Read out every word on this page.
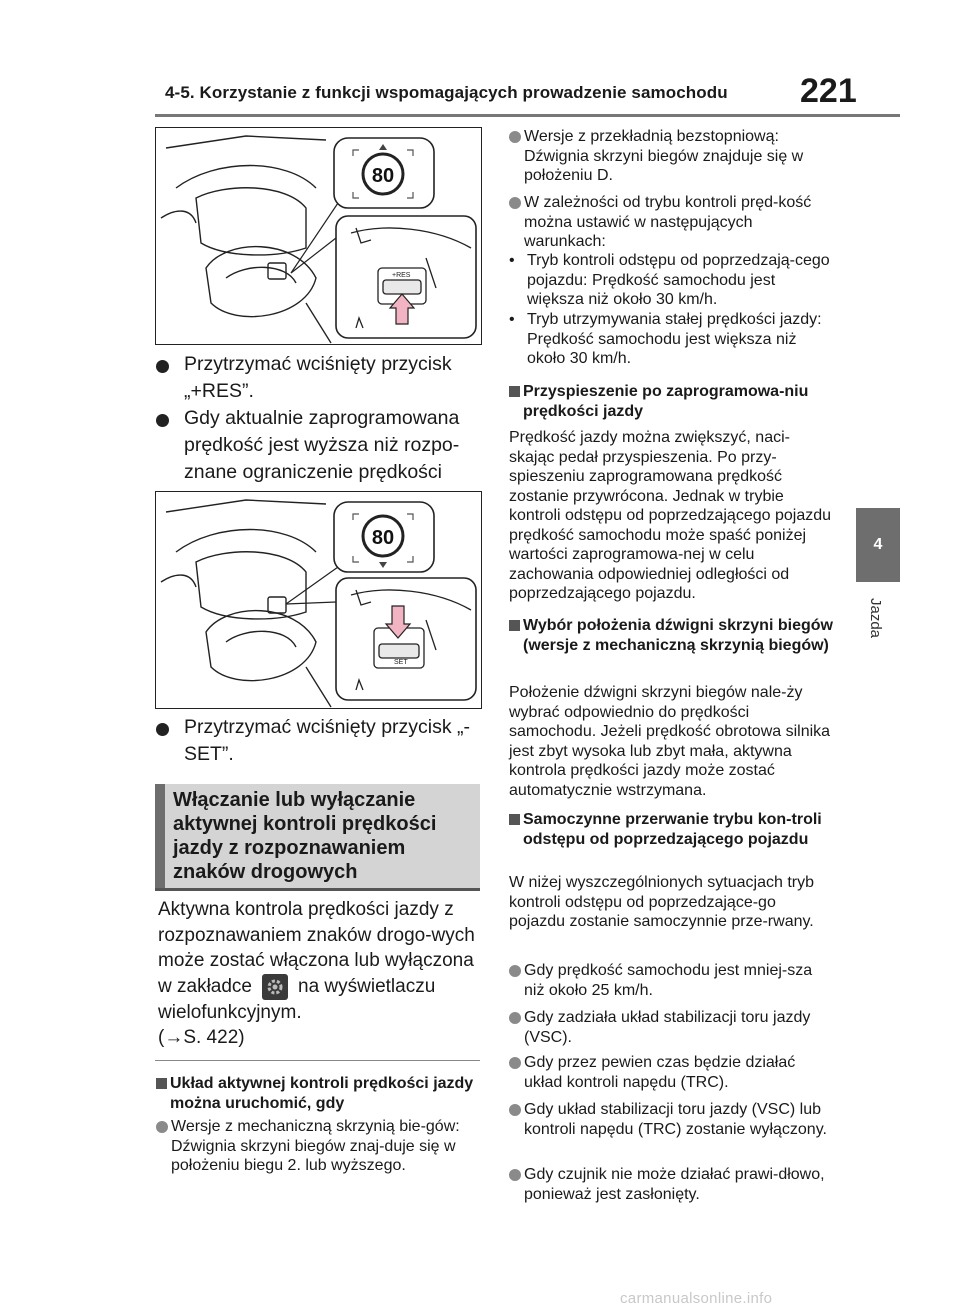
4-5. Korzystanie z funkcji wspomagających prowadzenie samochodu 221
4
Jazda
80
+RES
Przytrzymać wciśnięty przycisk „+RES”.
Gdy aktualnie zaprogramowana prędkość jest wyższa niż rozpo-znane ograniczenie prędkości
80
SET
Przytrzymać wciśnięty przycisk „-SET”.
Włączanie lub wyłączanie aktywnej kontroli prędkości jazdy z rozpoznawaniem znaków drogowych
Aktywna kontrola prędkości jazdy z rozpoznawaniem znaków drogo-wych może zostać włączona lub wyłączona w zakładce na wyświetlaczu wielofunkcyjnym.
(→S. 422)
Układ aktywnej kontroli prędkości jazdy można uruchomić, gdy
Wersje z mechaniczną skrzynią bie-gów: Dźwignia skrzyni biegów znaj-duje się w położeniu biegu 2. lub wyższego.
Wersje z przekładnią bezstopniową: Dźwignia skrzyni biegów znajduje się w położeniu D.
W zależności od trybu kontroli pręd-kość można ustawić w następujących warunkach:
• Tryb kontroli odstępu od poprzedzają-cego pojazdu: Prędkość samochodu jest większa niż około 30 km/h.
• Tryb utrzymywania stałej prędkości jazdy: Prędkość samochodu jest większa niż około 30 km/h.
Przyspieszenie po zaprogramowa-niu prędkości jazdy
Prędkość jazdy można zwiększyć, naci-skając pedał przyspieszenia. Po przy-spieszeniu zaprogramowana prędkość zostanie przywrócona. Jednak w trybie kontroli odstępu od poprzedzającego pojazdu prędkość samochodu może spaść poniżej wartości zaprogramowa-nej w celu zachowania odpowiedniej odległości od poprzedzającego pojazdu.
Wybór położenia dźwigni skrzyni biegów (wersje z mechaniczną skrzynią biegów)
Położenie dźwigni skrzyni biegów nale-ży wybrać odpowiednio do prędkości samochodu. Jeżeli prędkość obrotowa silnika jest zbyt wysoka lub zbyt mała, aktywna kontrola prędkości jazdy może zostać automatycznie wstrzymana.
Samoczynne przerwanie trybu kon-troli odstępu od poprzedzającego pojazdu
W niżej wyszczególnionych sytuacjach tryb kontroli odstępu od poprzedzające-go pojazdu zostanie samoczynnie prze-rwany.
Gdy prędkość samochodu jest mniej-sza niż około 25 km/h.
Gdy zadziała układ stabilizacji toru jazdy (VSC).
Gdy przez pewien czas będzie działać układ kontroli napędu (TRC).
Gdy układ stabilizacji toru jazdy (VSC) lub kontroli napędu (TRC) zostanie wyłączony.
Gdy czujnik nie może działać prawi-dłowo, ponieważ jest zasłonięty.
carmanualsonline.info
